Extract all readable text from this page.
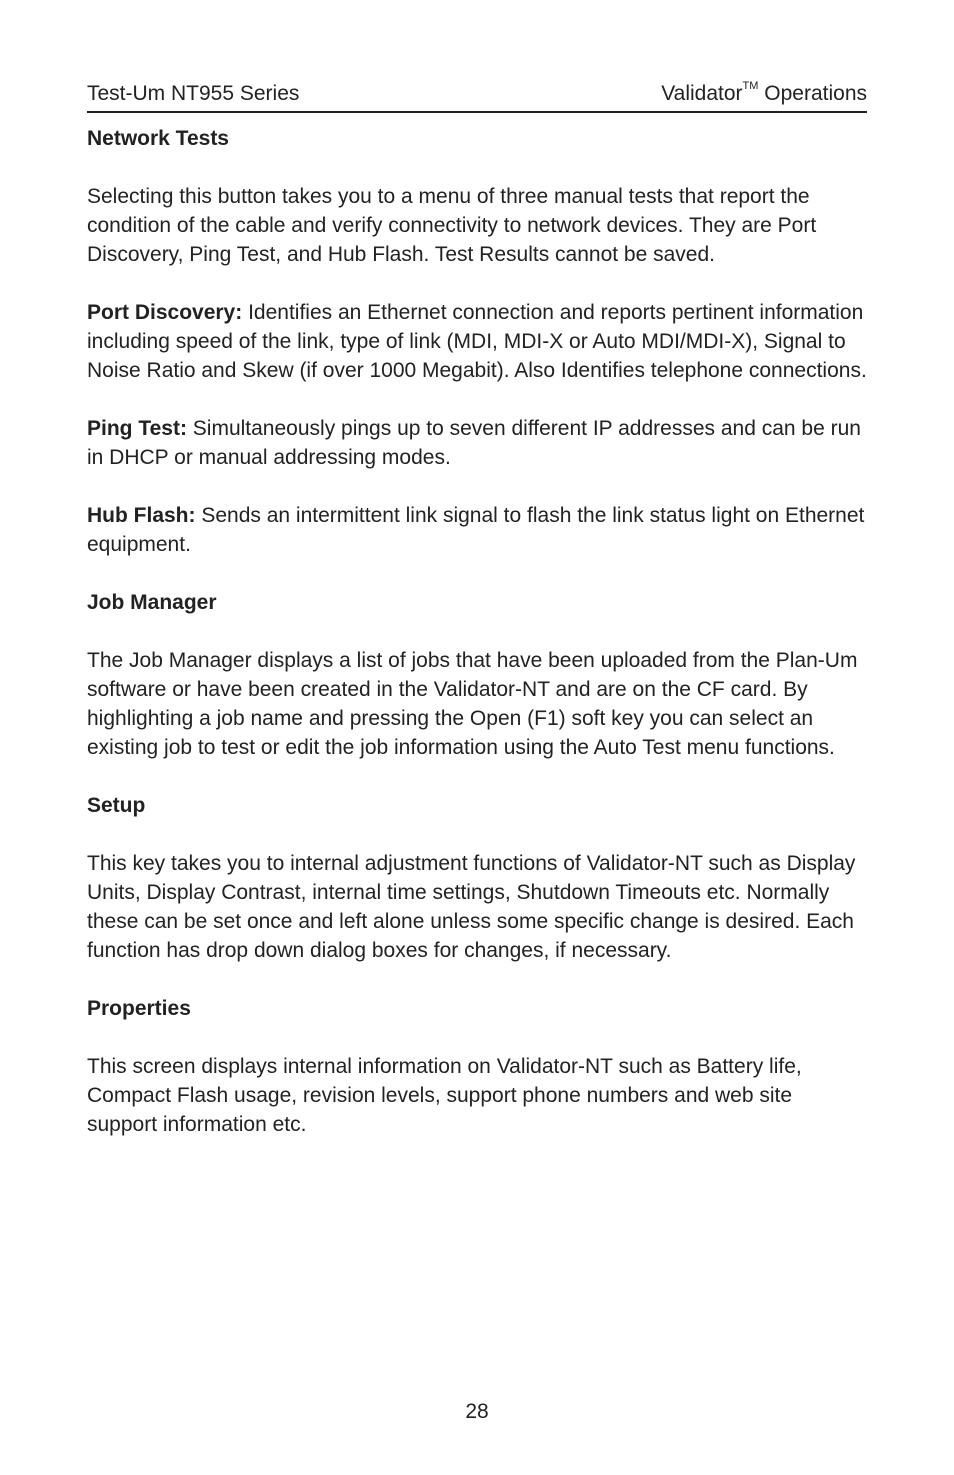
Test-Um NT955 Series	Validator™ Operations
Network Tests
Selecting this button takes you to a menu of three manual tests that report the condition of the cable and verify connectivity to network devices. They are Port Discovery, Ping Test, and Hub Flash. Test Results cannot be saved.
Port Discovery: Identifies an Ethernet connection and reports pertinent information including speed of the link, type of link (MDI, MDI-X or Auto MDI/MDI-X), Signal to Noise Ratio and Skew (if over 1000 Megabit). Also Identifies telephone connections.
Ping Test: Simultaneously pings up to seven different IP addresses and can be run in DHCP or manual addressing modes.
Hub Flash: Sends an intermittent link signal to flash the link status light on Ethernet equipment.
Job Manager
The Job Manager displays a list of jobs that have been uploaded from the Plan-Um software or have been created in the Validator-NT and are on the CF card. By highlighting a job name and pressing the Open (F1) soft key you can select an existing job to test or edit the job information using the Auto Test menu functions.
Setup
This key takes you to internal adjustment functions of Validator-NT such as Display Units, Display Contrast, internal time settings, Shutdown Timeouts etc. Normally these can be set once and left alone unless some specific change is desired. Each function has drop down dialog boxes for changes, if necessary.
Properties
This screen displays internal information on Validator-NT such as Battery life, Compact Flash usage, revision levels, support phone numbers and web site support information etc.
28
